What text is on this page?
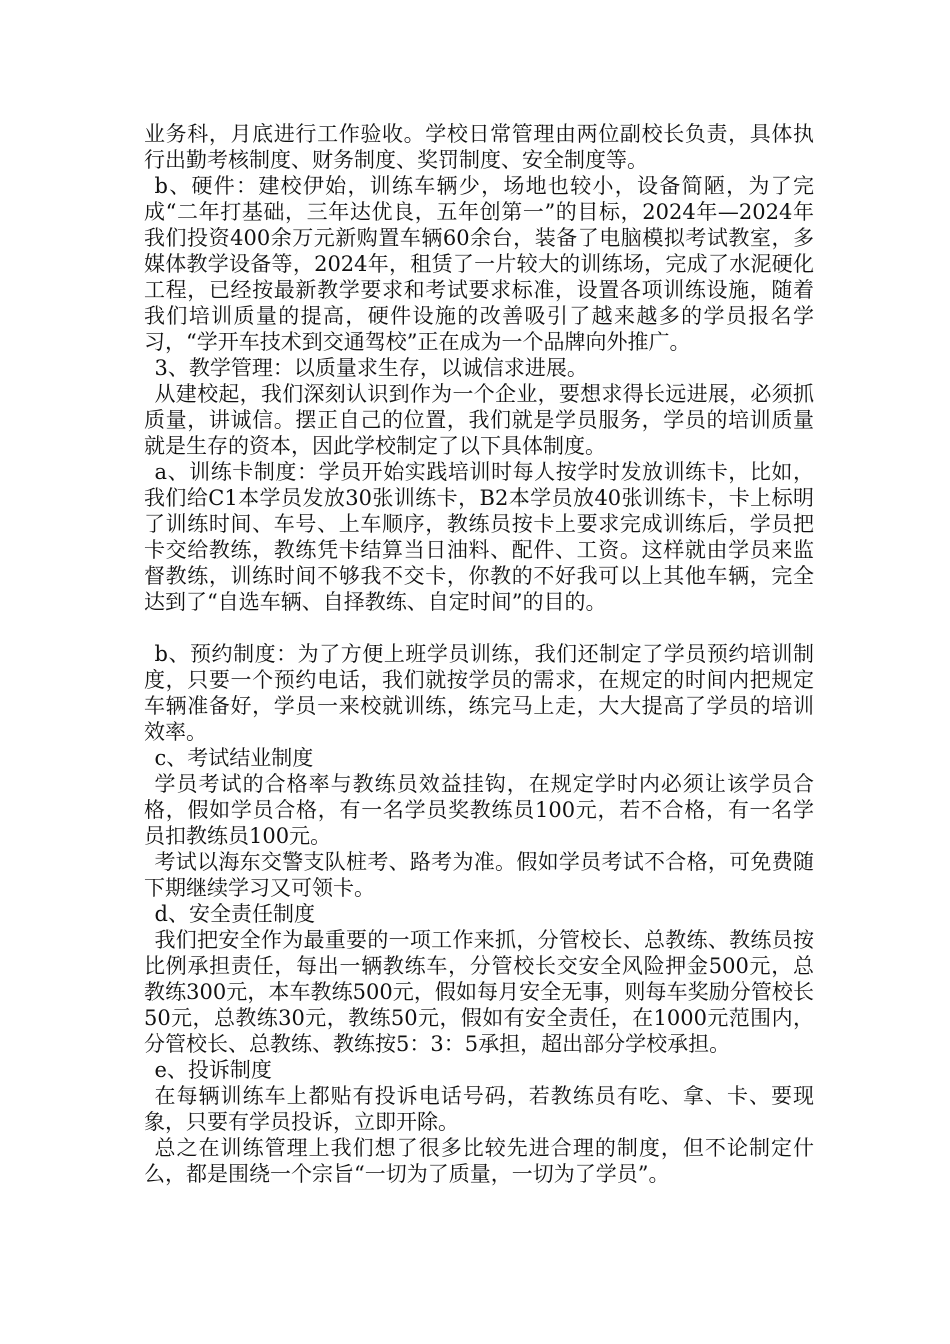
业务科，月底进行工作验收。学校日常管理由两位副校长负责，具体执行出勤考核制度、财务制度、奖罚制度、安全制度等。

b、硬件：建校伊始，训练车辆少，场地也较小，设备简陋，为了完成“二年打基础，三年达优良，五年创第一”的目标，2024年—2024年我们投资400余万元新购置车辆60余台，装备了电脑模拟考试教室，多媒体教学设备等，2024年，租赁了一片较大的训练场，完成了水泥硬化工程，已经按最新教学要求和考试要求标准，设置各项训练设施，随着我们培训质量的提高，硬件设施的改善吸引了越来越多的学员报名学习，“学开车技术到交通驾校”正在成为一个品牌向外推广。

3、教学管理：以质量求生存，以诚信求进展。

从建校起，我们深刻认识到作为一个企业，要想求得长远进展，必须抓质量，讲诚信。摆正自己的位置，我们就是学员服务，学员的培训质量就是生存的资本，因此学校制定了以下具体制度。

a、训练卡制度：学员开始实践培训时每人按学时发放训练卡，比如，我们给C1本学员发放30张训练卡，B2本学员放40张训练卡，卡上标明了训练时间、车号、上车顺序，教练员按卡上要求完成训练后，学员把卡交给教练，教练凭卡结算当日油料、配件、工资。这样就由学员来监督教练，训练时间不够我不交卡，你教的不好我可以上其他车辆，完全达到了“自选车辆、自择教练、自定时间”的目的。

b、预约制度：为了方便上班学员训练，我们还制定了学员预约培训制度，只要一个预约电话，我们就按学员的需求，在规定的时间内把规定车辆准备好，学员一来校就训练，练完马上走，大大提高了学员的培训效率。

c、考试结业制度

学员考试的合格率与教练员效益挂钩，在规定学时内必须让该学员合格，假如学员合格，有一名学员奖教练员100元，若不合格，有一名学员扣教练员100元。

考试以海东交警支队桩考、路考为准。假如学员考试不合格，可免费随下期继续学习又可领卡。

d、安全责任制度

我们把安全作为最重要的一项工作来抓，分管校长、总教练、教练员按比例承担责任，每出一辆教练车，分管校长交安全风险押金500元，总教练300元，本车教练500元，假如每月安全无事，则每车奖励分管校长50元，总教练30元，教练50元，假如有安全责任，在1000元范围内，分管校长、总教练、教练按5：3：5承担，超出部分学校承担。

e、投诉制度

在每辆训练车上都贴有投诉电话号码，若教练员有吃、拿、卡、要现象，只要有学员投诉，立即开除。

总之在训练管理上我们想了很多比较先进合理的制度，但不论制定什么，都是围绕一个宗旨“一切为了质量，一切为了学员”。
